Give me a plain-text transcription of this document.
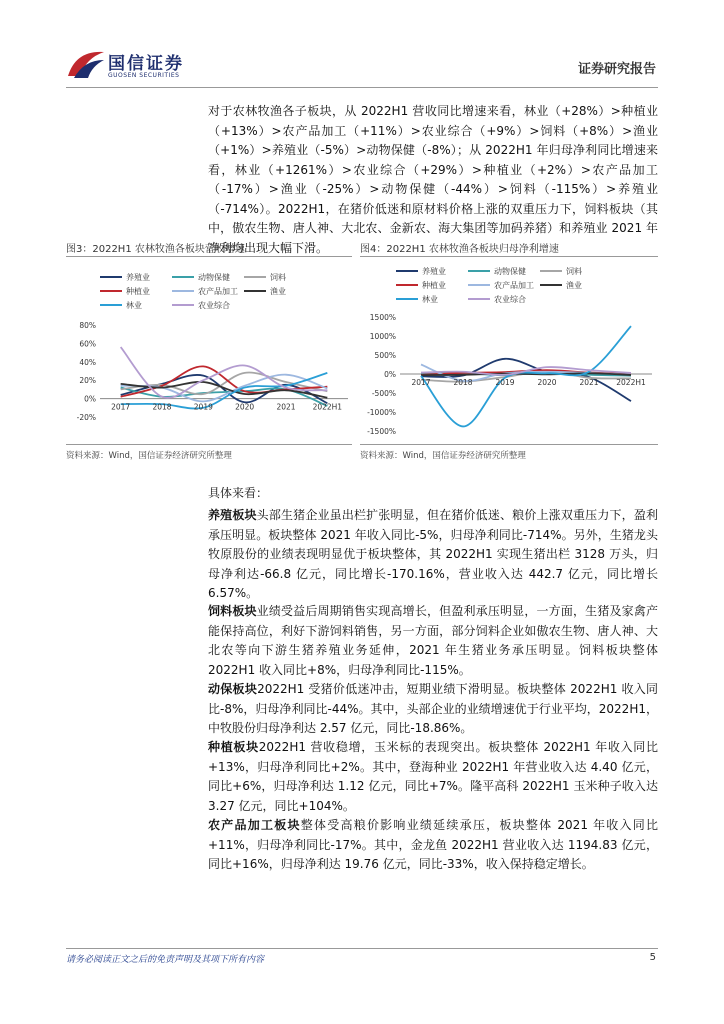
国信证券
GUOSEN SECURITIES	证券研究报告
对于农林牧渔各子板块，从 2022H1 营收同比增速来看，林业（+28%）>种植业（+13%）>农产品加工（+11%）>农业综合（+9%）>饲料（+8%）>渔业（+1%）>养殖业（-5%）>动物保健（-8%）；从 2022H1 年归母净利同比增速来看，林业（+1261%）>农业综合（+29%）>种植业（+2%）>农产品加工（-17%）>渔业（-25%）>动物保健（-44%）>饲料（-115%）>养殖业（-714%）。2022H1，在猪价低迷和原材料价格上涨的双重压力下，饲料板块（其中，傲农生物、唐人神、大北农、金新农、海大集团等加码养猪）和养殖业 2021 年净利均出现大幅下滑。
图3：2022H1 农林牧渔各板块营收增速
养殖业	动物保健	饲料
种植业	农产品加工	渔业
林业	农业综合
80%
60%
40%
20%
0%
-20%
2017	2018	2019	2020	2021 2022H1
资料来源：Wind，国信证券经济研究所整理
图4：2022H1 农林牧渔各板块归母净利增速
养殖业	动物保健	饲料
种植业	农产品加工	渔业
林业	农业综合
1500%
1000%
500%
0%
-500%
-1000%
-1500%
2017	2018	2019	2020	2021 2022H1
资料来源：Wind，国信证券经济研究所整理
具体来看：
养殖板块头部生猪企业虽出栏扩张明显，但在猪价低迷、粮价上涨双重压力下，盈利承压明显。板块整体 2021 年收入同比-5%，归母净利同比-714%。另外，生猪龙头牧原股份的业绩表现明显优于板块整体，其 2022H1 实现生猪出栏 3128 万头，归母净利达-66.8 亿元，同比增长-170.16%，营业收入达 442.7 亿元，同比增长 6.57%。
饲料板块业绩受益后周期销售实现高增长，但盈利承压明显，一方面，生猪及家禽产能保持高位，利好下游饲料销售，另一方面，部分饲料企业如傲农生物、唐人神、大北农等向下游生猪养殖业务延伸，2021 年生猪业务承压明显。饲料板块整体 2022H1 收入同比+8%，归母净利同比-115%。
动保板块2022H1 受猪价低迷冲击，短期业绩下滑明显。板块整体 2022H1 收入同比-8%，归母净利同比-44%。其中，头部企业的业绩增速优于行业平均，2022H1，中牧股份归母净利达 2.57 亿元，同比-18.86%。
种植板块2022H1 营收稳增，玉米标的表现突出。板块整体 2022H1 年收入同比+13%，归母净利同比+2%。其中，登海种业 2022H1 年营业收入达 4.40 亿元，同比+6%，归母净利达 1.12 亿元，同比+7%。隆平高科 2022H1 玉米种子收入达 3.27 亿元，同比+104%。
农产品加工板块整体受高粮价影响业绩延续承压，板块整体 2021 年收入同比+11%，归母净利同比-17%。其中，金龙鱼 2022H1 营业收入达 1194.83 亿元，同比+16%，归母净利达 19.76 亿元，同比-33%，收入保持稳定增长。
请务必阅读正文之后的免责声明及其项下所有内容	5
